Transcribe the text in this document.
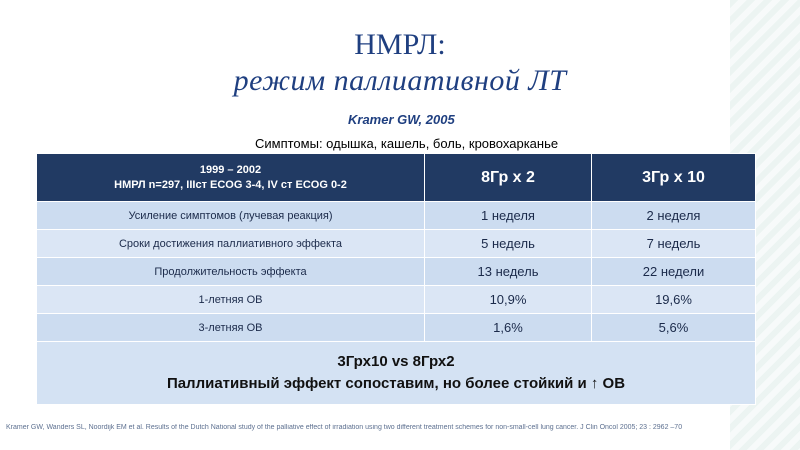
НМРЛ:
режим паллиативной ЛТ
Kramer GW, 2005
Симптомы: одышка, кашель, боль, кровохарканье
1999 – 2002
НМРЛ n=297, IIIст ECOG 3-4, IV ст ECOG 0-2	8Гр х 2	3Гр х 10
Усиление симптомов (лучевая реакция)	1 неделя	2 неделя
Сроки достижения паллиативного эффекта	5 недель	7 недель
Продолжительность эффекта	13 недель	22 недели
1-летняя ОВ	10,9%	19,6%
3-летняя ОВ	1,6%	5,6%

3Грх10 vs 8Грх2
Паллиативный эффект сопоставим, но более стойкий и ↑ ОВ		
Kramer GW, Wanders SL, Noordijk EM et al. Results of the Dutch National study of the palliative effect of irradiation using two different treatment schemes for non-small-cell lung cancer. J Clin Oncol 2005; 23 : 2962 –70
